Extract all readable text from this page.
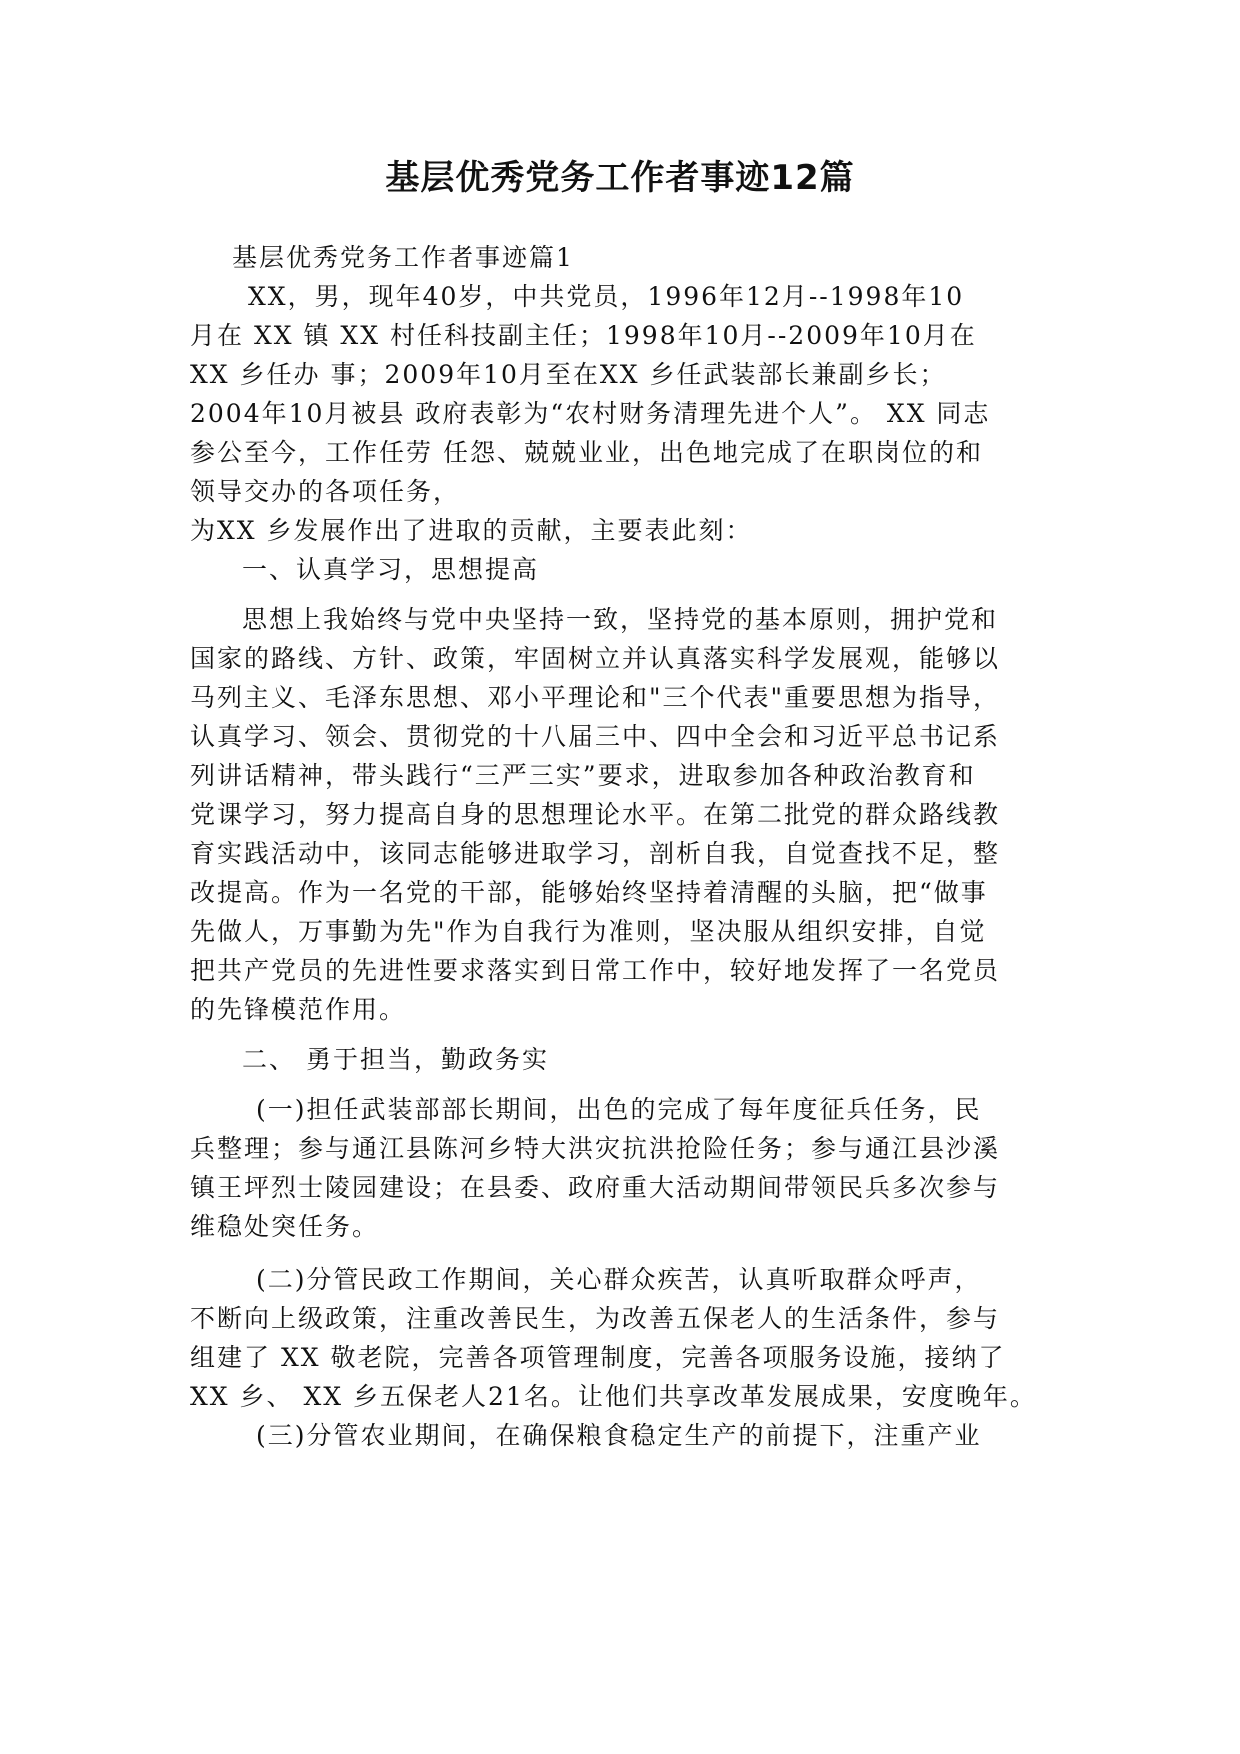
基层优秀党务工作者事迹12篇
基层优秀党务工作者事迹篇1
XX，男，现年40岁，中共党员，1996年12月--1998年10
月在 XX 镇 XX 村任科技副主任；1998年10月--2009年10月在
XX 乡任办 事；2009年10月至在XX 乡任武装部长兼副乡长；
2004年10月被县 政府表彰为“农村财务清理先进个人”。 XX 同志
参公至今，工作任劳 任怨、兢兢业业，出色地完成了在职岗位的和
领导交办的各项任务，
为XX 乡发展作出了进取的贡献，主要表此刻：
一、认真学习，思想提高
思想上我始终与党中央坚持一致，坚持党的基本原则，拥护党和
国家的路线、方针、政策，牢固树立并认真落实科学发展观，能够以
马列主义、毛泽东思想、邓小平理论和"三个代表"重要思想为指导，
认真学习、领会、贯彻党的十八届三中、四中全会和习近平总书记系
列讲话精神，带头践行“三严三实”要求，进取参加各种政治教育和
党课学习，努力提高自身的思想理论水平。在第二批党的群众路线教
育实践活动中，该同志能够进取学习，剖析自我，自觉查找不足，整
改提高。作为一名党的干部，能够始终坚持着清醒的头脑，把“做事
先做人，万事勤为先"作为自我行为准则，坚决服从组织安排，自觉
把共产党员的先进性要求落实到日常工作中，较好地发挥了一名党员
的先锋模范作用。
二、 勇于担当，勤政务实
(一)担任武装部部长期间，出色的完成了每年度征兵任务，民
兵整理；参与通江县陈河乡特大洪灾抗洪抢险任务；参与通江县沙溪
镇王坪烈士陵园建设；在县委、政府重大活动期间带领民兵多次参与
维稳处突任务。
(二)分管民政工作期间，关心群众疾苦，认真听取群众呼声，
不断向上级政策，注重改善民生，为改善五保老人的生活条件，参与
组建了 XX 敬老院，完善各项管理制度，完善各项服务设施，接纳了
XX 乡、 XX 乡五保老人21名。让他们共享改革发展成果，安度晚年。
(三)分管农业期间，在确保粮食稳定生产的前提下，注重产业
